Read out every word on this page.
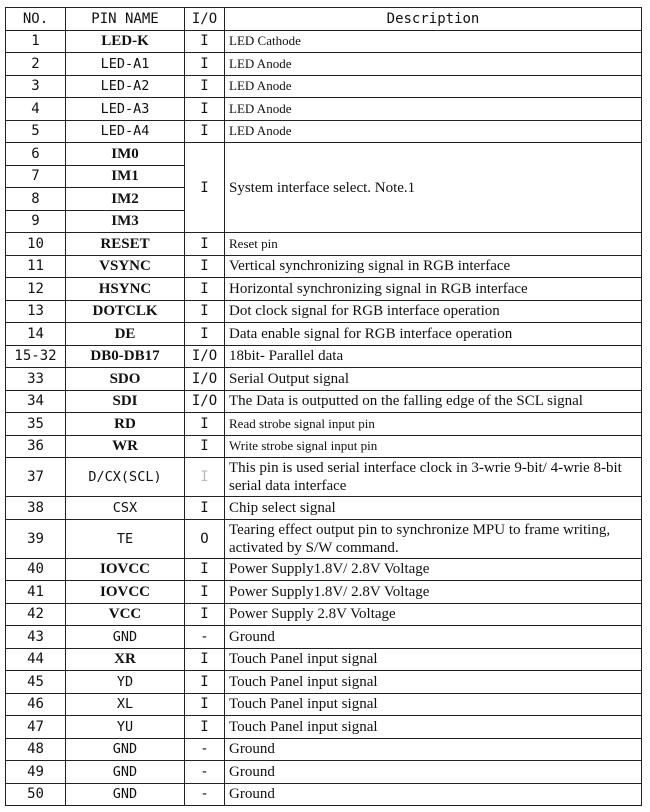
NO.	PIN NAME	I/O	Description
1	LED-K	I	LED Cathode
2	LED-A1	I	LED Anode
3	LED-A2	I	LED Anode
4	LED-A3	I	LED Anode
5	LED-A4	I	LED Anode
6	IM0	I	System interface select. Note.1
7	IM1		
8	IM2		
9	IM3		
10	RESET	I	Reset pin
11	VSYNC	I	Vertical synchronizing signal in RGB interface
12	HSYNC	I	Horizontal synchronizing signal in RGB interface
13	DOTCLK	I	Dot clock signal for RGB interface operation
14	DE	I	Data enable signal for RGB interface operation
15-32	DB0-DB17	I/O	18bit- Parallel data
33	SDO	I/O	Serial Output signal
34	SDI	I/O	The Data is outputted on the falling edge of the SCL signal
35	RD	I	Read strobe signal input pin
36	WR	I	Write strobe signal input pin
37	D/CX(SCL)	I	This pin is used serial interface clock in 3-wrie 9-bit/ 4-wrie 8-bit serial data interface
38	CSX	I	Chip select signal
39	TE	O	Tearing effect output pin to synchronize MPU to frame writing, activated by S/W command.
40	IOVCC	I	Power Supply1.8V/ 2.8V Voltage
41	IOVCC	I	Power Supply1.8V/ 2.8V Voltage
42	VCC	I	Power Supply 2.8V Voltage
43	GND	-	Ground
44	XR	I	Touch Panel input signal
45	YD	I	Touch Panel input signal
46	XL	I	Touch Panel input signal
47	YU	I	Touch Panel input signal
48	GND	-	Ground
49	GND	-	Ground
50	GND	-	Ground
